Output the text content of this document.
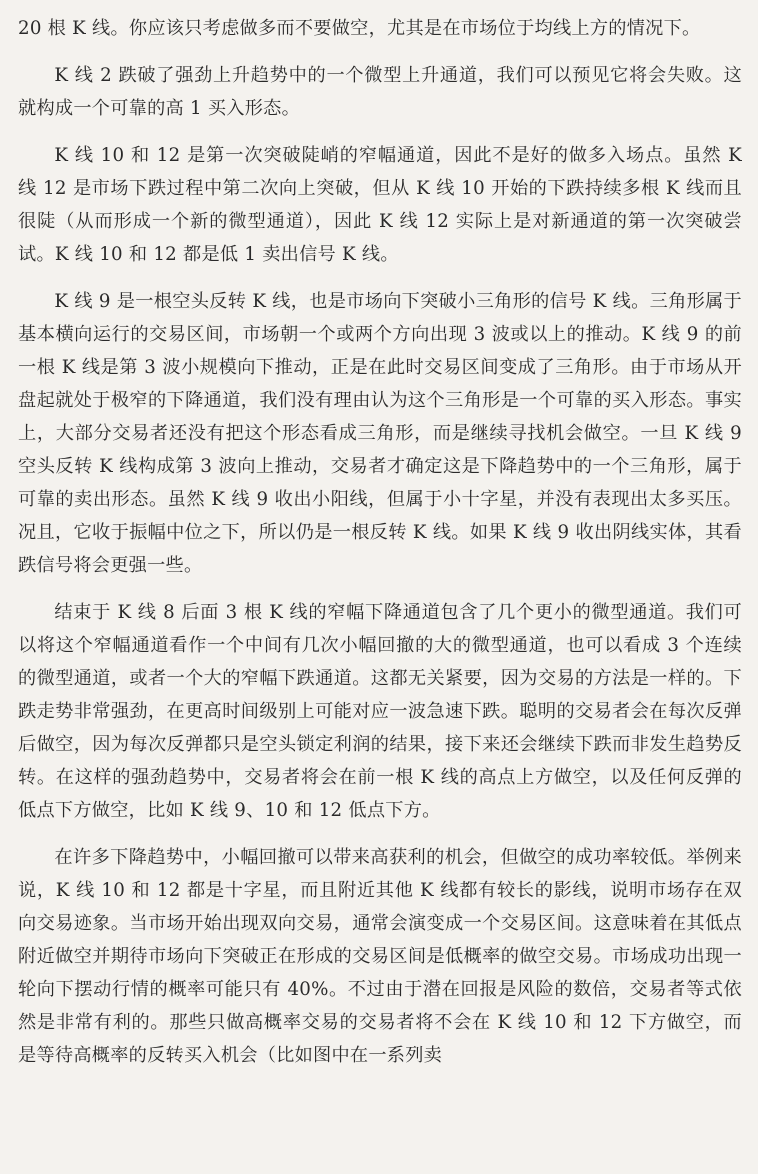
20 根 K 线。你应该只考虑做多而不要做空，尤其是在市场位于均线上方的情况下。

K 线 2 跌破了强劲上升趋势中的一个微型上升通道，我们可以预见它将会失败。这就构成一个可靠的高 1 买入形态。

K 线 10 和 12 是第一次突破陡峭的窄幅通道，因此不是好的做多入场点。虽然 K 线 12 是市场下跌过程中第二次向上突破，但从 K 线 10 开始的下跌持续多根 K 线而且很陡（从而形成一个新的微型通道），因此 K 线 12 实际上是对新通道的第一次突破尝试。K 线 10 和 12 都是低 1 卖出信号 K 线。

K 线 9 是一根空头反转 K 线，也是市场向下突破小三角形的信号 K 线。三角形属于基本横向运行的交易区间，市场朝一个或两个方向出现 3 波或以上的推动。K 线 9 的前一根 K 线是第 3 波小规模向下推动，正是在此时交易区间变成了三角形。由于市场从开盘起就处于极窄的下降通道，我们没有理由认为这个三角形是一个可靠的买入形态。事实上，大部分交易者还没有把这个形态看成三角形，而是继续寻找机会做空。一旦 K 线 9 空头反转 K 线构成第 3 波向上推动，交易者才确定这是下降趋势中的一个三角形，属于可靠的卖出形态。虽然 K 线 9 收出小阳线，但属于小十字星，并没有表现出太多买压。况且，它收于振幅中位之下，所以仍是一根反转 K 线。如果 K 线 9 收出阴线实体，其看跌信号将会更强一些。

结束于 K 线 8 后面 3 根 K 线的窄幅下降通道包含了几个更小的微型通道。我们可以将这个窄幅通道看作一个中间有几次小幅回撤的大的微型通道，也可以看成 3 个连续的微型通道，或者一个大的窄幅下跌通道。这都无关紧要，因为交易的方法是一样的。下跌走势非常强劲，在更高时间级别上可能对应一波急速下跌。聪明的交易者会在每次反弹后做空，因为每次反弹都只是空头锁定利润的结果，接下来还会继续下跌而非发生趋势反转。在这样的强劲趋势中，交易者将会在前一根 K 线的高点上方做空，以及任何反弹的低点下方做空，比如 K 线 9、10 和 12 低点下方。

在许多下降趋势中，小幅回撤可以带来高获利的机会，但做空的成功率较低。举例来说，K 线 10 和 12 都是十字星，而且附近其他 K 线都有较长的影线，说明市场存在双向交易迹象。当市场开始出现双向交易，通常会演变成一个交易区间。这意味着在其低点附近做空并期待市场向下突破正在形成的交易区间是低概率的做空交易。市场成功出现一轮向下摆动行情的概率可能只有 40%。不过由于潜在回报是风险的数倍，交易者等式依然是非常有利的。那些只做高概率交易的交易者将不会在 K 线 10 和 12 下方做空，而是等待高概率的反转买入机会（比如图中在一系列卖
